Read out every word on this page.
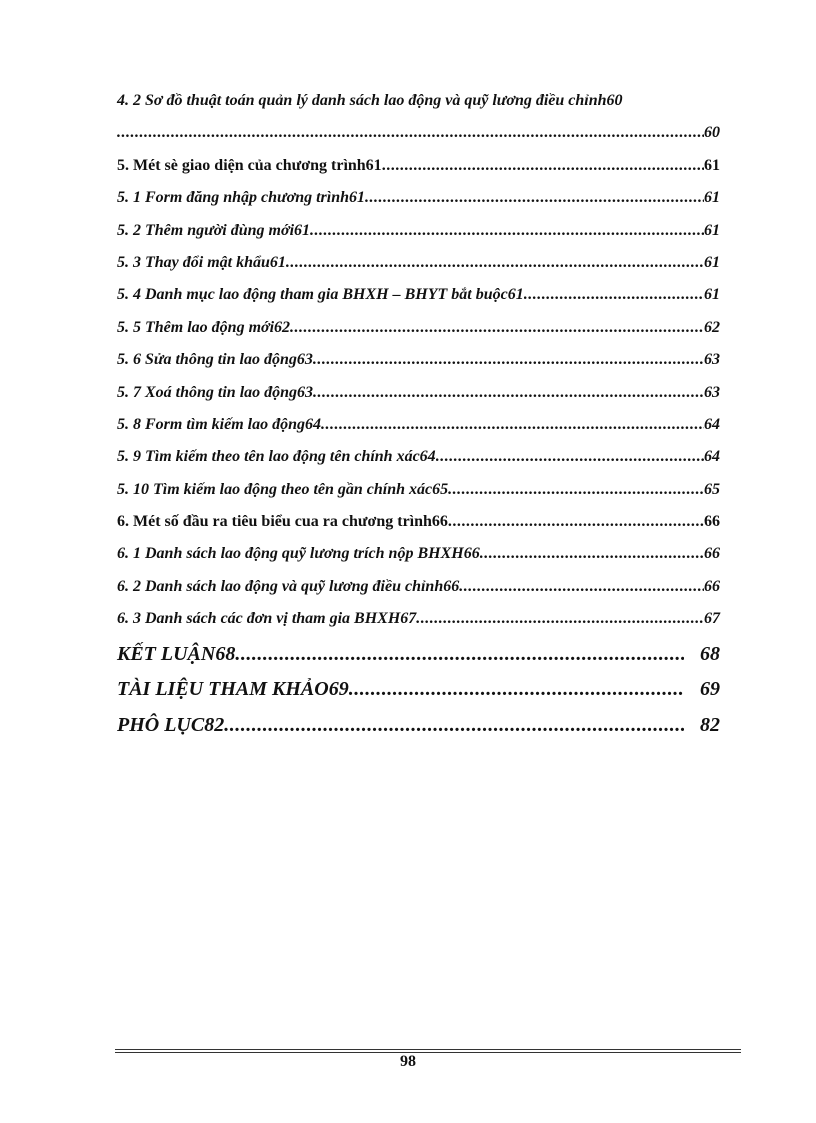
4. 2 Sơ đồ thuật toán quản lý danh sách lao động và quỹ lương điều chỉnh60
.....
60
5. Mét sè giao diện của chương trình61 .....	61
5. 1 Form đăng nhập chương trình61 .....	61
5. 2 Thêm người đùng mới61 .....	61
5. 3 Thay đổi mật khẩu61 .....	61
5. 4 Danh mục lao động tham gia BHXH – BHYT bắt buộc61 .....	61
5. 5 Thêm lao động mới62 .....	62
5. 6 Sửa thông tin lao động63 .....	63
5. 7 Xoá thông tin lao động63 .....	63
5. 8 Form tìm kiếm lao động64 .....	64
5. 9 Tìm kiếm theo tên lao động tên chính xác64 .....	64
5. 10 Tìm kiếm lao động theo tên gần chính xác65 .....	65
6. Mét số đầu ra tiêu biểu cua ra chương trình66 .....	66
6. 1 Danh sách lao động quỹ lương trích nộp BHXH66 .....	66
6. 2 Danh sách lao động và quỹ lương điều chỉnh66 .....	66
6. 3 Danh sách các đơn vị tham gia BHXH67 .....	67
KẾT LUẬN68 .....	68
TÀI LIỆU THAM KHẢO69 .....	69
PHÔ LỤC82 .....	82
98
